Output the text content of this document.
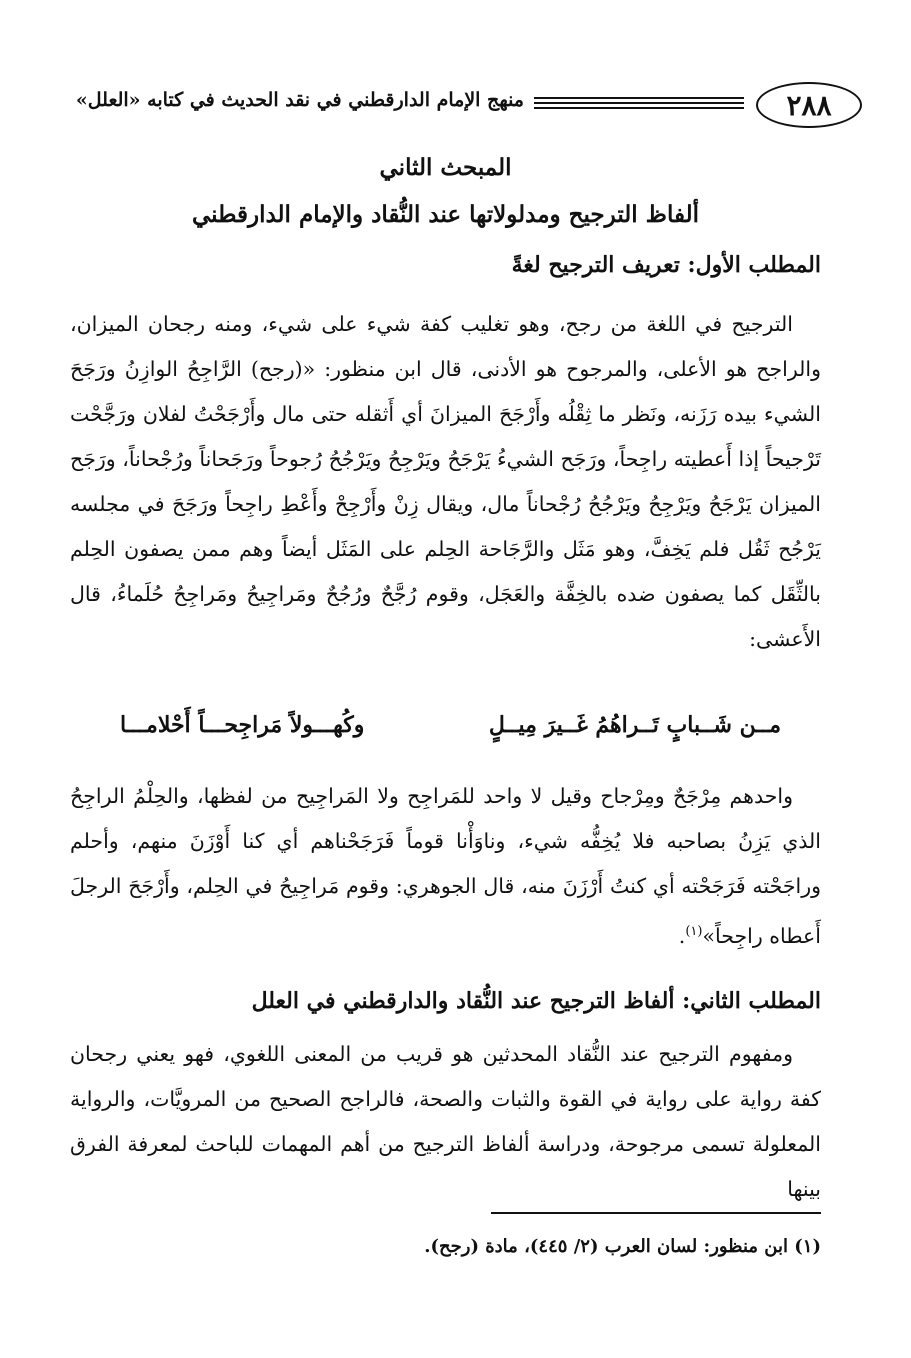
٢٨٨
منهج الإمام الدارقطني في نقد الحديث في كتابه «العلل»
المبحث الثاني
ألفاظ الترجيح ومدلولاتها عند النُّقاد والإمام الدارقطني
المطلب الأول: تعريف الترجيح لغةً

الترجيح في اللغة من رجح، وهو تغليب كفة شيء على شيء، ومنه رجحان الميزان، والراجح هو الأعلى، والمرجوح هو الأدنى، قال ابن منظور: «(رجح) الرَّاجِحُ الوازِنُ ورَجَحَ الشيء بيده رَزَنه، ونَظر ما ثِقْلُه وأَرْجَحَ الميزانَ أي أَثقله حتى مال وأَرْجَحْتُ لفلان ورَجَّحْت تَرْجيحاً إذا أَعطيته راجِحاً، ورَجَح الشيءُ يَرْجَحُ ويَرْجِحُ ويَرْجُحُ رُجوحاً ورَجَحاناً ورُجْحاناً، ورَجَح الميزان يَرْجَحُ ويَرْجِحُ ويَرْجُحُ رُجْحاناً مال، ويقال زِنْ وأَرْجِحْ وأَعْطِ راجِحاً ورَجَحَ في مجلسه يَرْجُح ثَقُل فلم يَخِفَّ، وهو مَثَل والرَّجَاحة الحِلم على المَثَل أيضاً وهم ممن يصفون الحِلم بالثِّقَل كما يصفون ضده بالخِفَّة والعَجَل، وقوم رُجَّحٌ ورُجُحٌ ومَراجِيحُ ومَراجِحُ حُلَماءُ، قال الأَعشى:

مــن شَــبابٍ تَــراهُمُ غَــيرَ مِيــلٍ
وكُهـــولاً مَراجِحـــاً أَحْلامـــا

واحدهم مِرْجَحٌ ومِرْجاح وقيل لا واحد للمَراجِح ولا المَراجِيح من لفظها، والحِلْمُ الراجِحُ الذي يَزِنُ بصاحبه فلا يُخِفُّه شيء، وناوَأْنا قوماً فَرَجَحْناهم أي كنا أَوْزَنَ منهم، وأحلم وراجَحْته فَرَجَحْته أي كنتُ أَرْزَنَ منه، قال الجوهري: وقوم مَراجِيحُ في الحِلم، وأَرْجَحَ الرجلَ أَعطاه راجِحاً»$^{(١)}$.

المطلب الثاني: ألفاظ الترجيح عند النُّقاد والدارقطني في العلل

ومفهوم الترجيح عند النُّقاد المحدثين هو قريب من المعنى اللغوي، فهو يعني رجحان كفة رواية على رواية في القوة والثبات والصحة، فالراجح الصحيح من المرويَّات، والرواية المعلولة تسمى مرجوحة، ودراسة ألفاظ الترجيح من أهم المهمات للباحث لمعرفة الفرق بينها

(١) ابن منظور: لسان العرب (٢/ ٤٤٥)، مادة (رجح).
